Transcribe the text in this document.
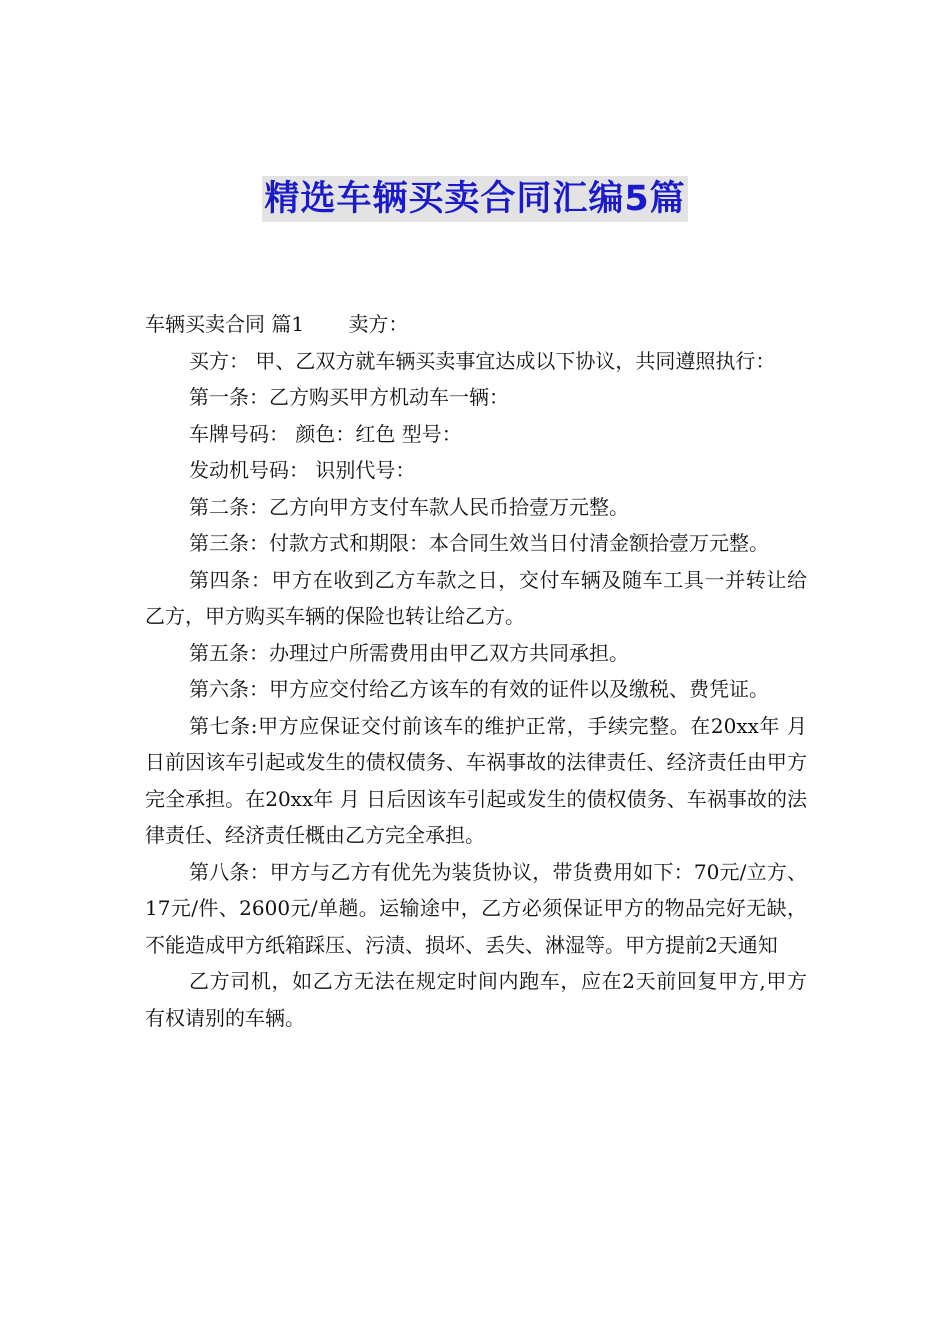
精选车辆买卖合同汇编5篇

车辆买卖合同 篇1	卖方：

买方： 甲、乙双方就车辆买卖事宜达成以下协议，共同遵照执行：

第一条：乙方购买甲方机动车一辆：

车牌号码： 颜色：红色 型号：

发动机号码： 识别代号：

第二条：乙方向甲方支付车款人民币拾壹万元整。

第三条：付款方式和期限：本合同生效当日付清金额拾壹万元整。

第四条：甲方在收到乙方车款之日，交付车辆及随车工具一并转让给乙方，甲方购买车辆的保险也转让给乙方。

第五条：办理过户所需费用由甲乙双方共同承担。

第六条：甲方应交付给乙方该车的有效的证件以及缴税、费凭证。

第七条:甲方应保证交付前该车的维护正常，手续完整。在20xx年 月 日前因该车引起或发生的债权债务、车祸事故的法律责任、经济责任由甲方完全承担。在20xx年 月 日后因该车引起或发生的债权债务、车祸事故的法律责任、经济责任概由乙方完全承担。

第八条：甲方与乙方有优先为装货协议，带货费用如下：70元/立方、17元/件、2600元/单趟。运输途中，乙方必须保证甲方的物品完好无缺，不能造成甲方纸箱踩压、污渍、损坏、丢失、淋湿等。甲方提前2天通知

乙方司机，如乙方无法在规定时间内跑车，应在2天前回复甲方,甲方有权请别的车辆。
